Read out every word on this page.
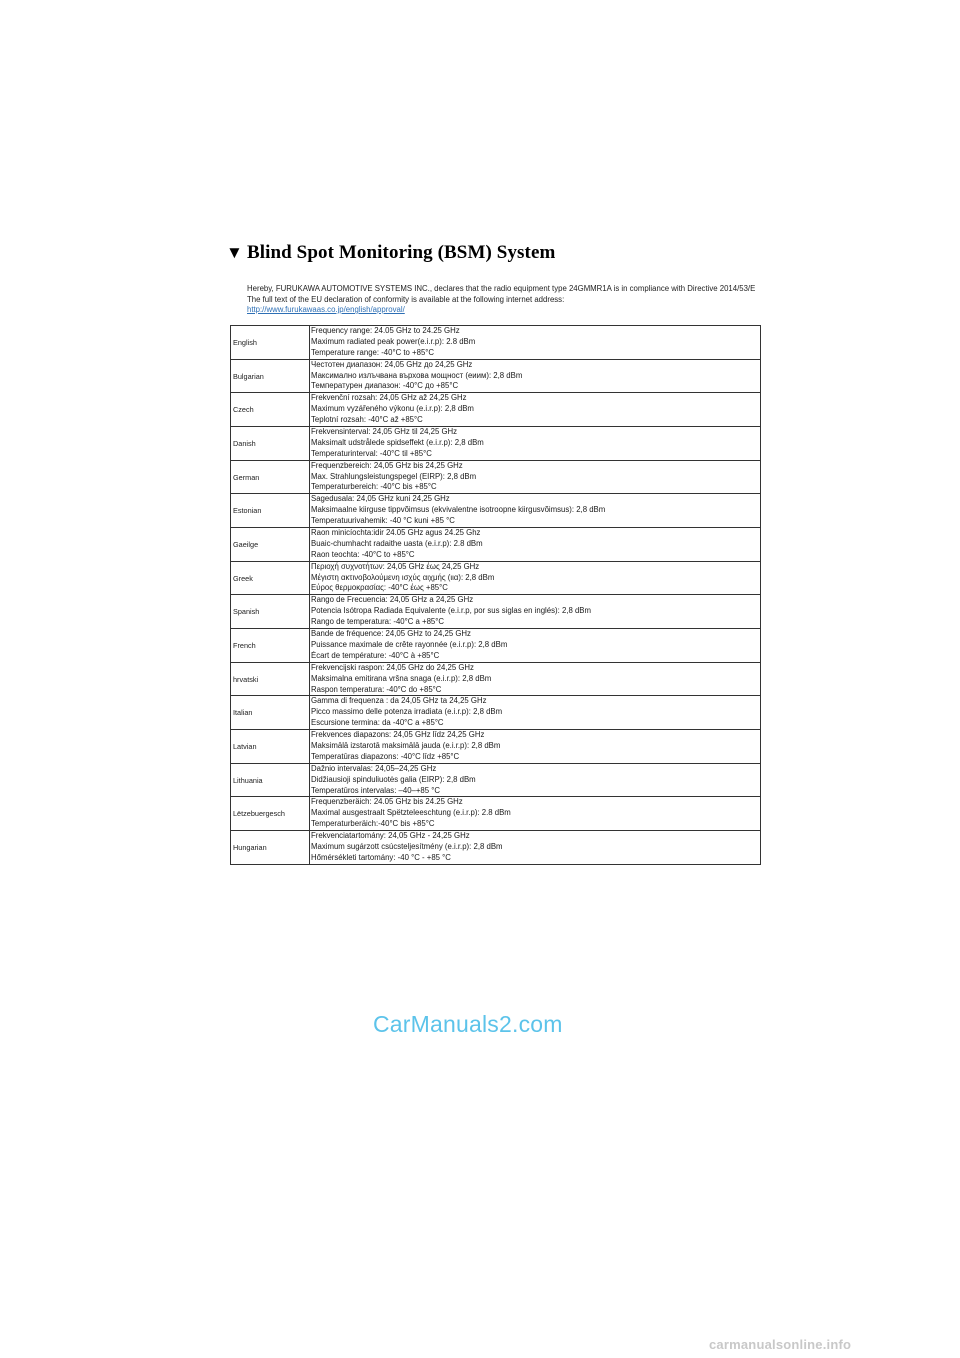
▼ Blind Spot Monitoring (BSM) System
Hereby, FURUKAWA AUTOMOTIVE SYSTEMS INC., declares that the radio equipment type 24GMMR1A is in compliance with Directive 2014/53/E
The full text of the EU declaration of conformity is available at the following internet address:
http://www.furukawaas.co.jp/english/approval/
English	Frequency range: 24.05 GHz to 24.25 GHz
Maximum radiated peak power(e.i.r.p): 2.8 dBm
Temperature range: -40°C to +85°C

Bulgarian	Честотен диапазон: 24,05 GHz до 24,25 GHz
Максимално излъчвана върхова мощност (еиим): 2,8 dBm
Температурен диапазон: -40°C до +85°C

Czech	Frekvenční rozsah: 24,05 GHz až 24,25 GHz
Maximum vyzářeného výkonu (e.i.r.p): 2,8 dBm
Teplotní rozsah: -40°C až +85°C

Danish	Frekvensinterval: 24,05 GHz til 24,25 GHz
Maksimalt udstrålede spidseffekt (e.i.r.p): 2,8 dBm
Temperaturinterval: -40°C til +85°C

German	Frequenzbereich: 24,05 GHz bis 24,25 GHz
Max. Strahlungsleistungspegel (EIRP): 2,8 dBm
Temperaturbereich: -40°C bis +85°C

Estonian	Sagedusala: 24,05 GHz kuni 24,25 GHz
Maksimaalne kiirguse tippvõimsus (ekvivalentne isotroopne kiirgusvõimsus): 2,8 dBm
Temperatuurivahemik: -40 °C kuni +85 °C

Gaeilge	Raon minicíochta:idir 24.05 GHz agus 24.25 Ghz
Buaic-chumhacht radaithe uasta (e.i.r.p): 2.8 dBm
Raon teochta: -40°C to +85°C

Greek	Περιοχή συχνοτήτων: 24,05 GHz έως 24,25 GHz
Μέγιστη ακτινοβολούμενη ισχύς αιχμής (ιια): 2,8 dBm
Εύρος θερμοκρασίας: -40°C έως +85°C

Spanish	Rango de Frecuencia: 24,05 GHz a 24,25 GHz
Potencia Isótropa Radiada Equivalente (e.i.r.p, por sus siglas en inglés): 2,8 dBm
Rango de temperatura: -40°C a +85°C

French	Bande de fréquence: 24,05 GHz to 24,25 GHz
Puissance maximale de crête rayonnée (e.i.r.p): 2,8 dBm
Écart de température: -40°C à +85°C

hrvatski	Frekvencijski raspon: 24,05 GHz do 24,25 GHz
Maksimalna emitirana vršna snaga (e.i.r.p): 2,8 dBm
Raspon temperatura: -40°C do +85°C

Italian	Gamma di frequenza : da 24,05 GHz ta 24,25 GHz
Picco massimo delle potenza irradiata (e.i.r.p): 2,8 dBm
Escursione termina: da -40°C a +85°C

Latvian	Frekvences diapazons: 24,05 GHz līdz 24,25 GHz
Maksimālā izstarotā maksimālā jauda (e.i.r.p): 2,8 dBm
Temperatūras diapazons: -40°C līdz +85°C

Lithuania	Dažnio intervalas: 24,05–24,25 GHz
Didžiausioji spinduliuotės galia (EIRP): 2,8 dBm
Temperatūros intervalas: –40–+85 °C

Lëtzebuergesch	Frequenzberäich: 24.05 GHz bis 24.25 GHz
Maximal ausgestraalt Spëtzteleeschtung (e.i.r.p): 2.8 dBm
Temperaturberäich:-40°C bis +85°C

Hungarian	Frekvenciatartomány: 24,05 GHz - 24,25 GHz
Maximum sugárzott csúcsteljesítmény (e.i.r.p): 2,8 dBm
Hőmérsékleti tartomány: -40 °C - +85 °C
CarManuals2.com
carmanualsonline.info
